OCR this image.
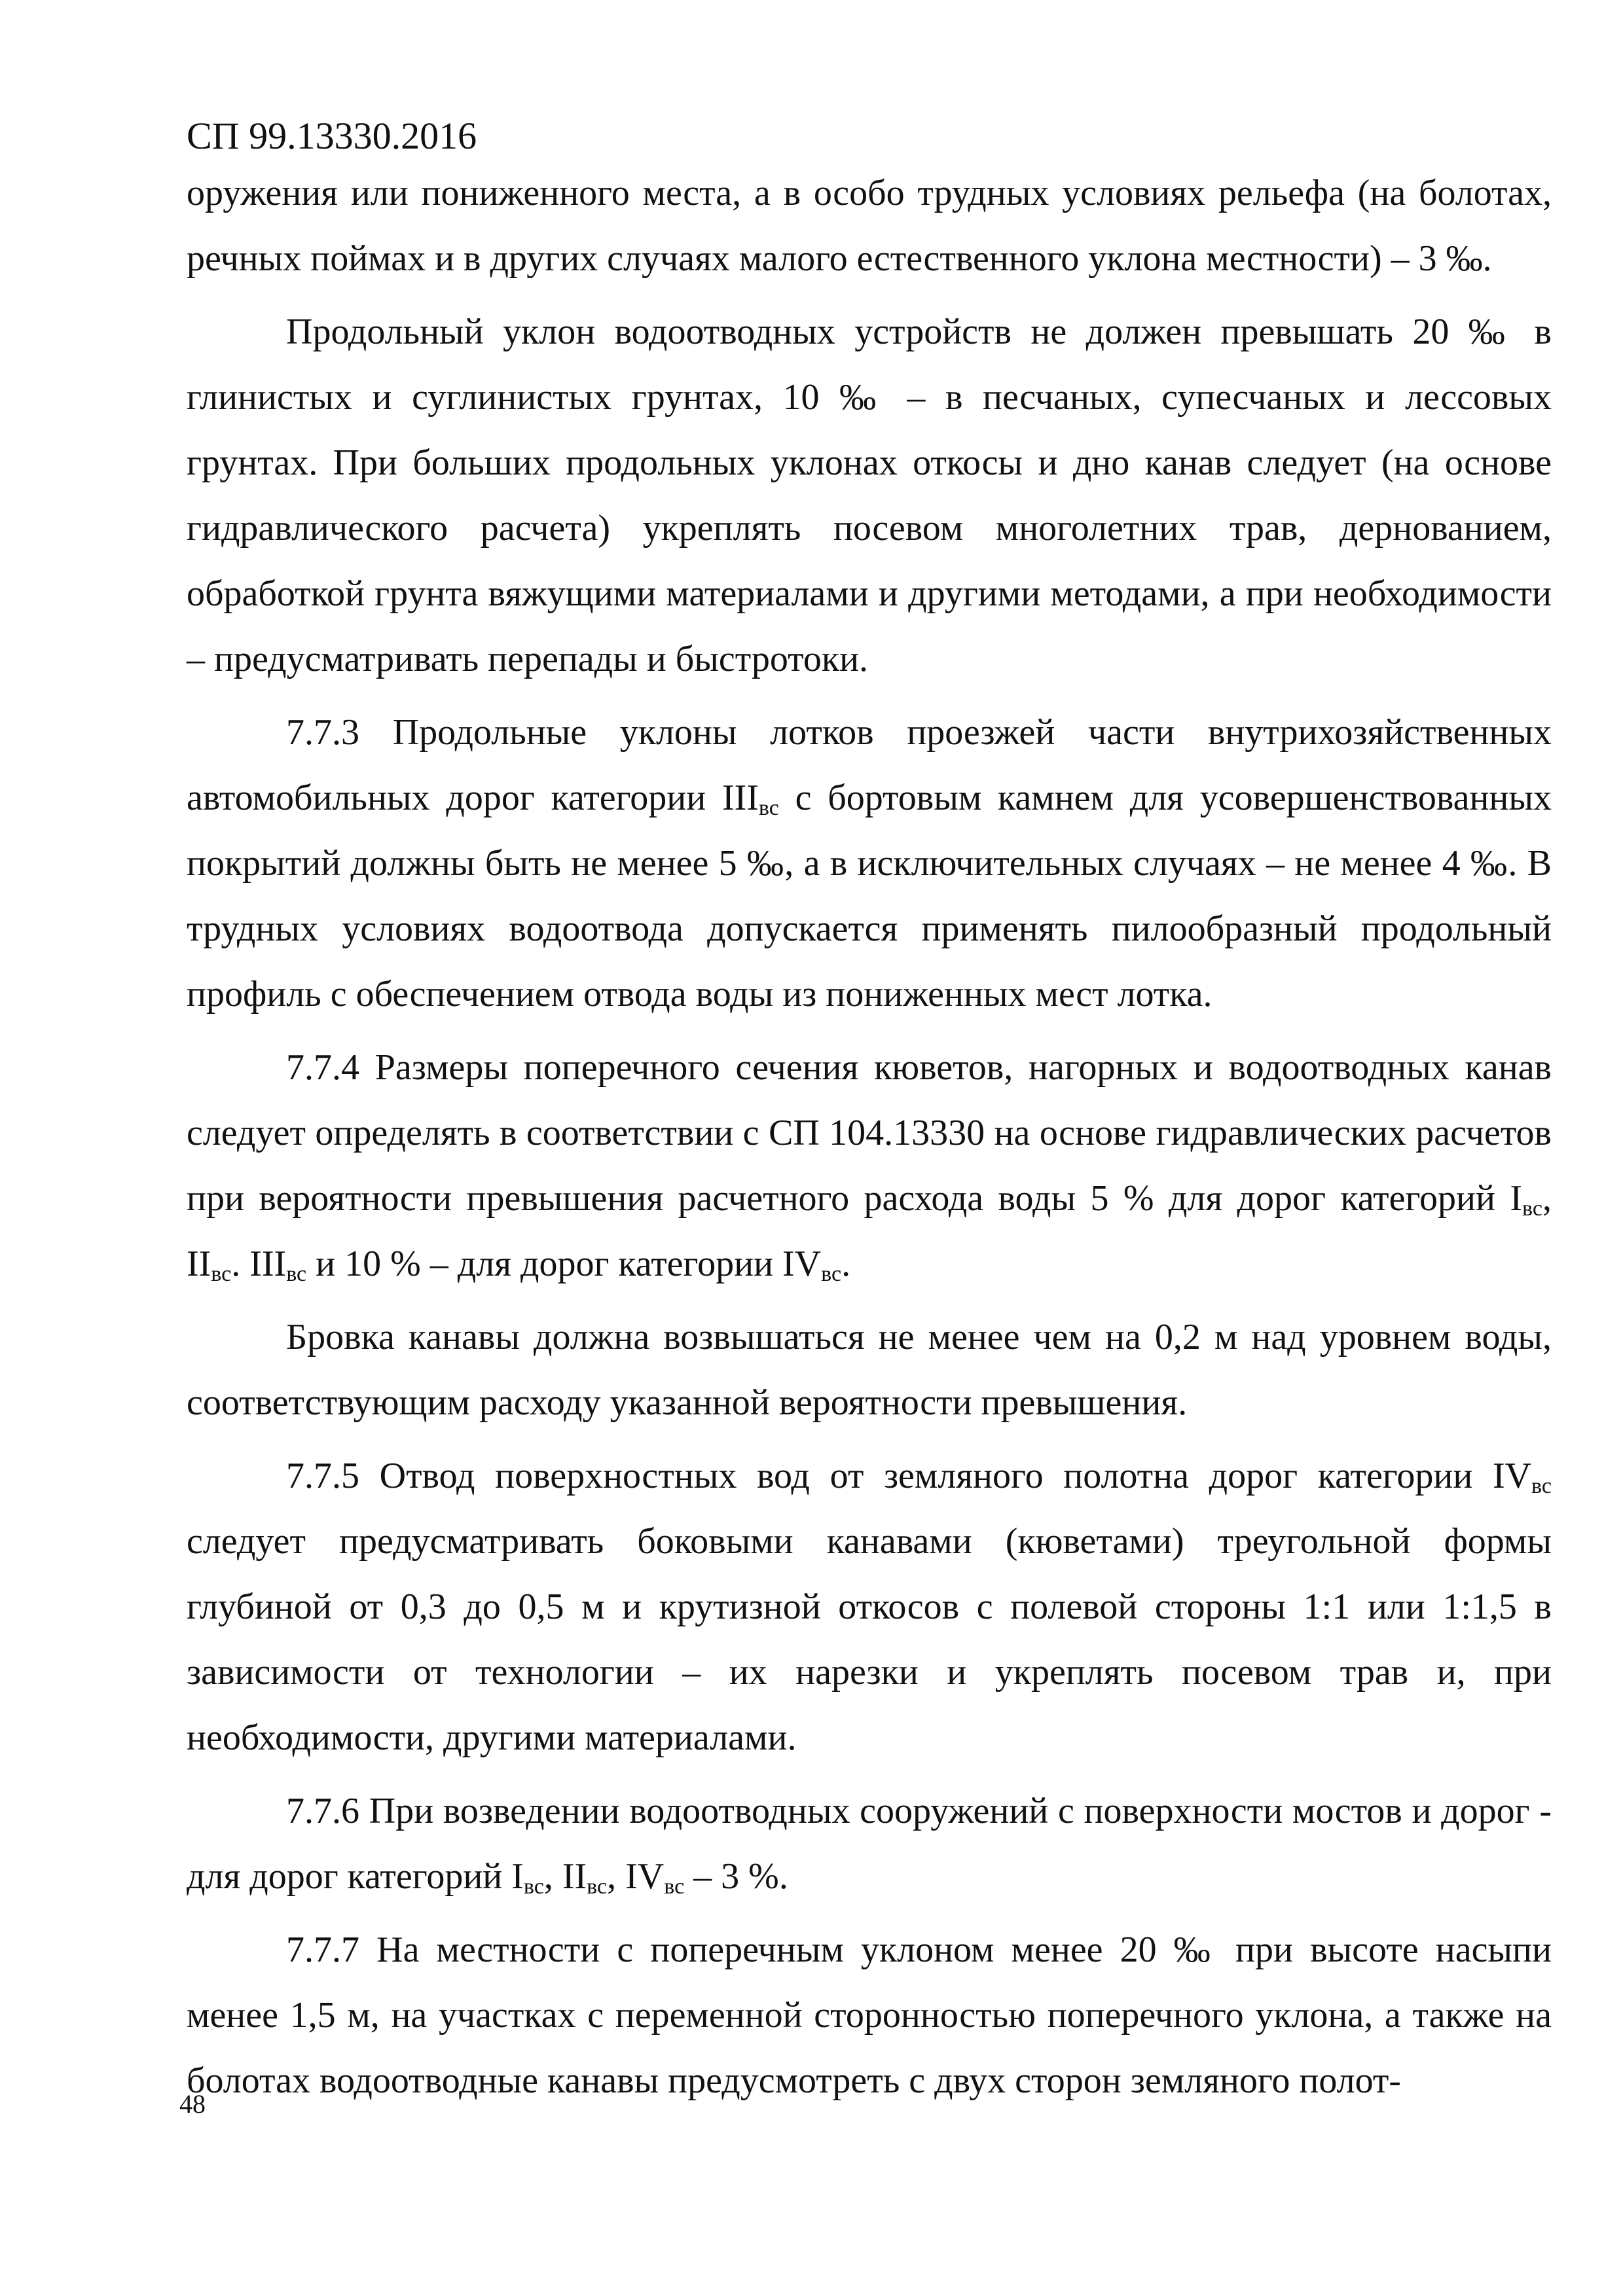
СП 99.13330.2016

оружения или пониженного места, а в особо трудных условиях рельефа (на болотах, речных поймах и в других случаях малого естественного уклона местности) – 3 ‰.

Продольный уклон водоотводных устройств не должен превышать 20 ‰ в глинистых и суглинистых грунтах, 10 ‰ – в песчаных, супесчаных и лессовых грунтах. При больших продольных уклонах откосы и дно канав следует (на основе гидравлического расчета) укреплять посевом многолетних трав, дернованием, обработкой грунта вяжущими материалами и другими методами, а при необходимости – предусматривать перепады и быстротоки.

7.7.3 Продольные уклоны лотков проезжей части внутрихозяйственных автомобильных дорог категории $III_{вс}$ с бортовым камнем для усовершенствованных покрытий должны быть не менее 5 ‰, а в исключительных случаях – не менее 4 ‰. В трудных условиях водоотвода допускается применять пилообразный продольный профиль с обеспечением отвода воды из пониженных мест лотка.

7.7.4 Размеры поперечного сечения кюветов, нагорных и водоотводных канав следует определять в соответствии с СП 104.13330 на основе гидравлических расчетов при вероятности превышения расчетного расхода воды 5 % для дорог категорий $I_{вс}$, $II_{вс}$. $III_{вс}$ и 10 % – для дорог категории $IV_{вс}$.

Бровка канавы должна возвышаться не менее чем на 0,2 м над уровнем воды, соответствующим расходу указанной вероятности превышения.

7.7.5 Отвод поверхностных вод от земляного полотна дорог категории $IV_{вс}$ следует предусматривать боковыми канавами (кюветами) треугольной формы глубиной от 0,3 до 0,5 м и крутизной откосов с полевой стороны 1:1 или 1:1,5 в зависимости от технологии – их нарезки и укреплять посевом трав и, при необходимости, другими материалами.

7.7.6 При возведении водоотводных сооружений с поверхности мостов и дорог - для дорог категорий $I_{вс}$, $II_{вс}$, $IV_{вс} - 3$ %.

7.7.7 На местности с поперечным уклоном менее 20 ‰ при высоте насыпи менее 1,5 м, на участках с переменной сторонностью поперечного уклона, а также на болотах водоотводные канавы предусмотреть с двух сторон земляного полот-

48
